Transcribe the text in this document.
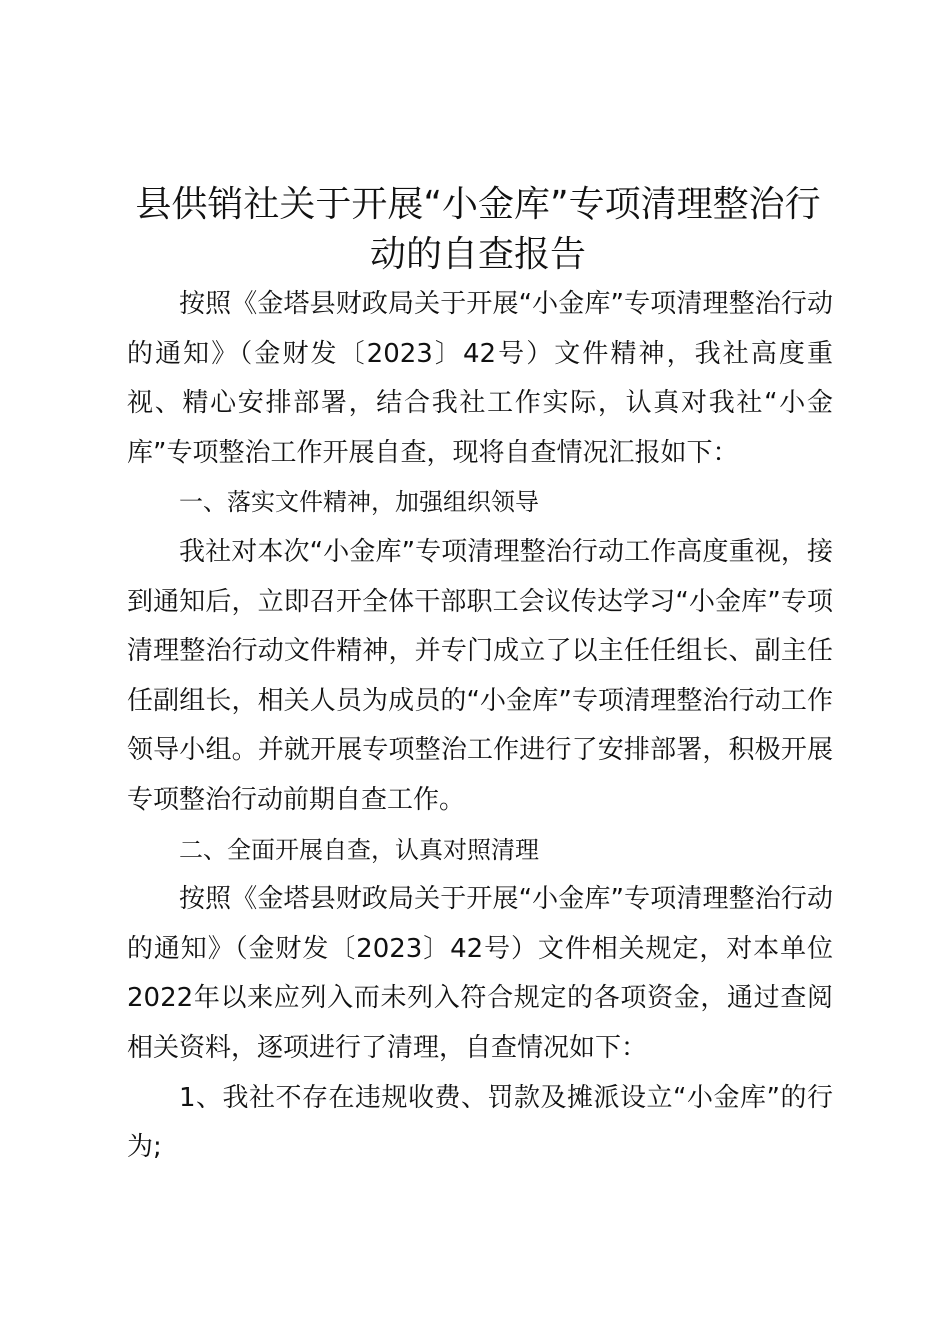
县供销社关于开展“小金库”专项清理整治行动的自查报告

按照《金塔县财政局关于开展“小金库”专项清理整治行动的通知》（金财发〔2023〕42号）文件精神，我社高度重视、精心安排部署，结合我社工作实际，认真对我社“小金库”专项整治工作开展自查，现将自查情况汇报如下：

一、落实文件精神，加强组织领导

我社对本次“小金库”专项清理整治行动工作高度重视，接到通知后，立即召开全体干部职工会议传达学习“小金库”专项清理整治行动文件精神，并专门成立了以主任任组长、副主任任副组长，相关人员为成员的“小金库”专项清理整治行动工作领导小组。并就开展专项整治工作进行了安排部署，积极开展专项整治行动前期自查工作。

二、全面开展自查，认真对照清理

按照《金塔县财政局关于开展“小金库”专项清理整治行动的通知》（金财发〔2023〕42号）文件相关规定，对本单位2022年以来应列入而未列入符合规定的各项资金，通过查阅相关资料，逐项进行了清理，自查情况如下：

1、我社不存在违规收费、罚款及摊派设立“小金库”的行为;
